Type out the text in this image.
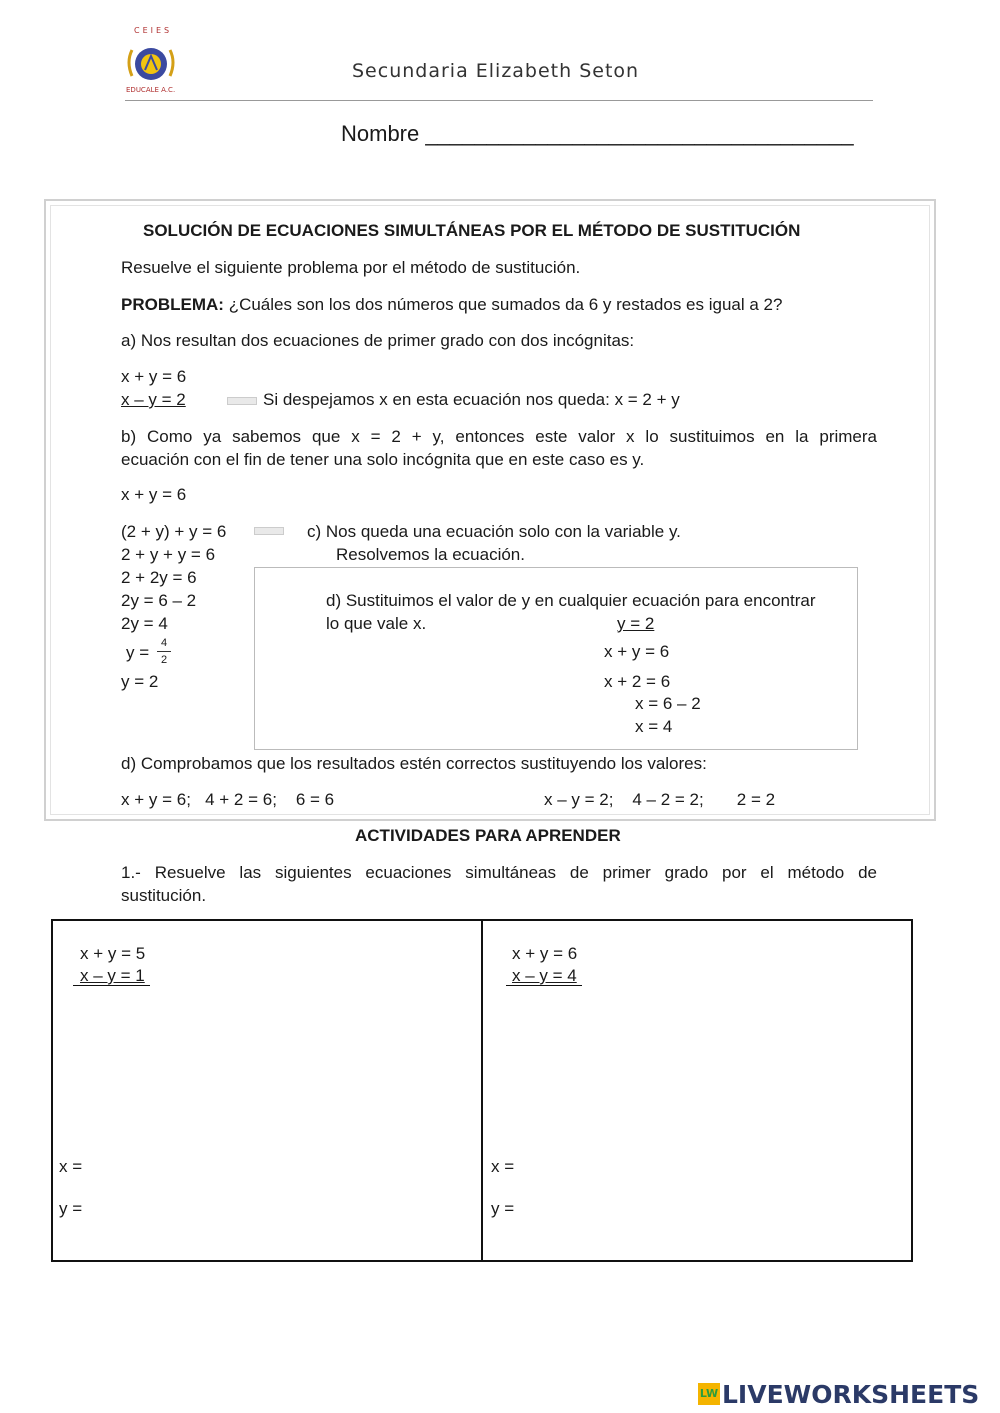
CEIES
EDUCALE A.C.
Secundaria Elizabeth Seton
Nombre ___________________________________
SOLUCIÓN DE ECUACIONES SIMULTÁNEAS POR EL MÉTODO DE SUSTITUCIÓN
Resuelve el siguiente problema por el método de sustitución.
PROBLEMA: ¿Cuáles son los dos números que sumados da 6 y restados es igual a 2?
a) Nos resultan dos ecuaciones de primer grado con dos incógnitas:
x + y = 6
x – y = 2	Si despejamos x en esta ecuación nos queda: x = 2 + y
b) Como ya sabemos que x = 2 + y, entonces este valor x lo sustituimos en la primera
ecuación con el fin de tener una solo incógnita que en este caso es y.
x + y = 6
(2 + y) + y = 6	c) Nos queda una ecuación solo con la variable y.
2 + y + y = 6	Resolvemos la ecuación.
2 + 2y = 6
2y = 6 – 2	d) Sustituimos el valor de y en cualquier ecuación para encontrar
2y = 4	lo que vale x.	y = 2
y =	4
2	x + y = 6
y = 2	x + 2 = 6
x = 6 – 2
x = 4
d) Comprobamos que los resultados estén correctos sustituyendo los valores:
x + y = 6;   4 + 2 = 6;    6 = 6	x – y = 2;    4 – 2 = 2;       2 = 2
ACTIVIDADES PARA APRENDER
1.- Resuelve las siguientes ecuaciones simultáneas de primer grado por el método de
sustitución.
x + y = 5
x – y = 1
x =
y =
x + y = 6
x – y = 4
x =
y =
LW LIVEWORKSHEETS
